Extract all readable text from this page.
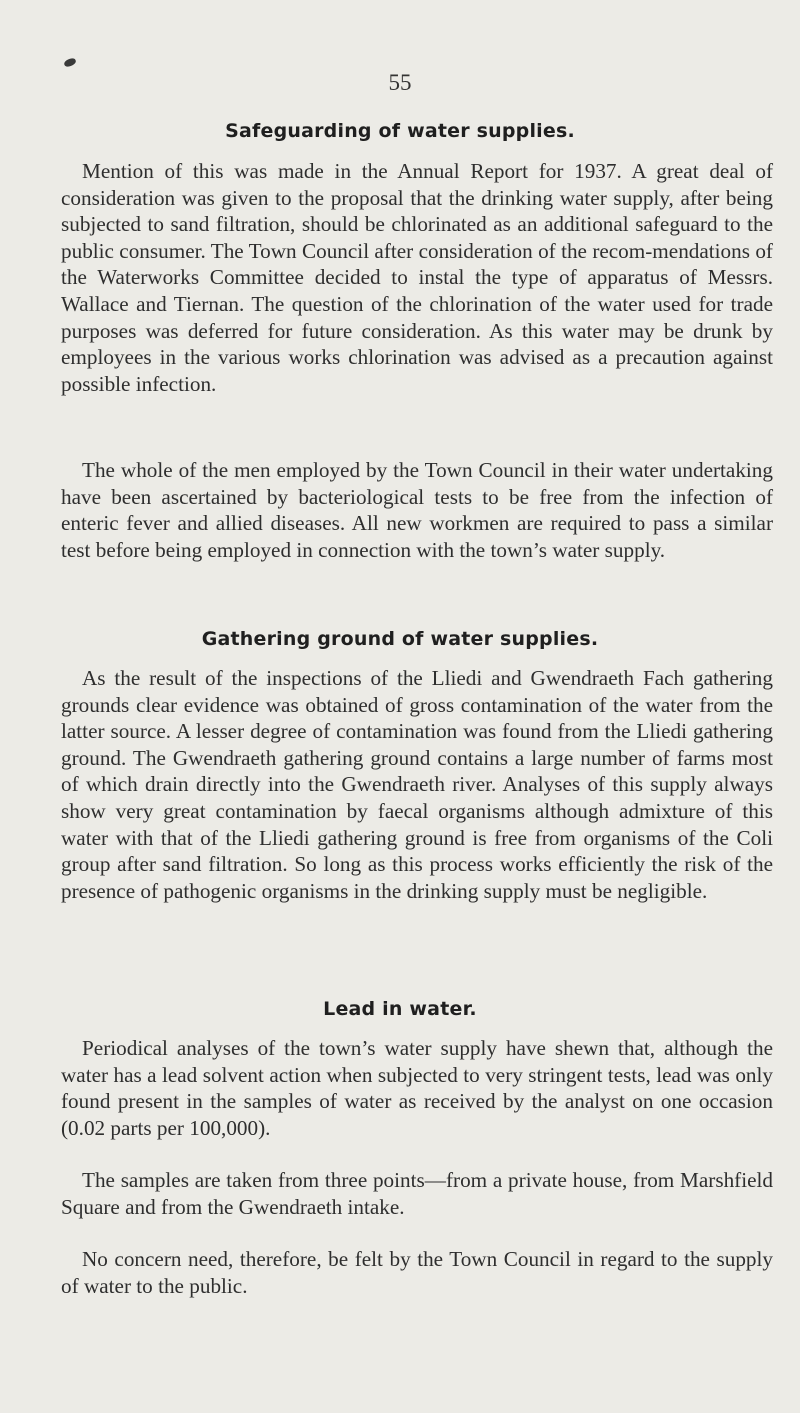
55
Safeguarding of water supplies.

Mention of this was made in the Annual Report for 1937. A great deal of consideration was given to the proposal that the drinking water supply, after being subjected to sand filtration, should be chlorinated as an additional safeguard to the public consumer. The Town Council after consideration of the recom-mendations of the Waterworks Committee decided to instal the type of apparatus of Messrs. Wallace and Tiernan. The question of the chlorination of the water used for trade purposes was deferred for future consideration. As this water may be drunk by employees in the various works chlorination was advised as a precaution against possible infection.

The whole of the men employed by the Town Council in their water undertaking have been ascertained by bacteriological tests to be free from the infection of enteric fever and allied diseases. All new workmen are required to pass a similar test before being employed in connection with the town’s water supply.

Gathering ground of water supplies.

As the result of the inspections of the Lliedi and Gwendraeth Fach gathering grounds clear evidence was obtained of gross contamination of the water from the latter source. A lesser degree of contamination was found from the Lliedi gathering ground. The Gwendraeth gathering ground contains a large number of farms most of which drain directly into the Gwendraeth river. Analyses of this supply always show very great contamination by faecal organisms although admixture of this water with that of the Lliedi gathering ground is free from organisms of the Coli group after sand filtration. So long as this process works efficiently the risk of the presence of pathogenic organisms in the drinking supply must be negligible.

Lead in water.

Periodical analyses of the town’s water supply have shewn that, although the water has a lead solvent action when subjected to very stringent tests, lead was only found present in the samples of water as received by the analyst on one occasion (0.02 parts per 100,000).

The samples are taken from three points—from a private house, from Marshfield Square and from the Gwendraeth intake.

No concern need, therefore, be felt by the Town Council in regard to the supply of water to the public.
